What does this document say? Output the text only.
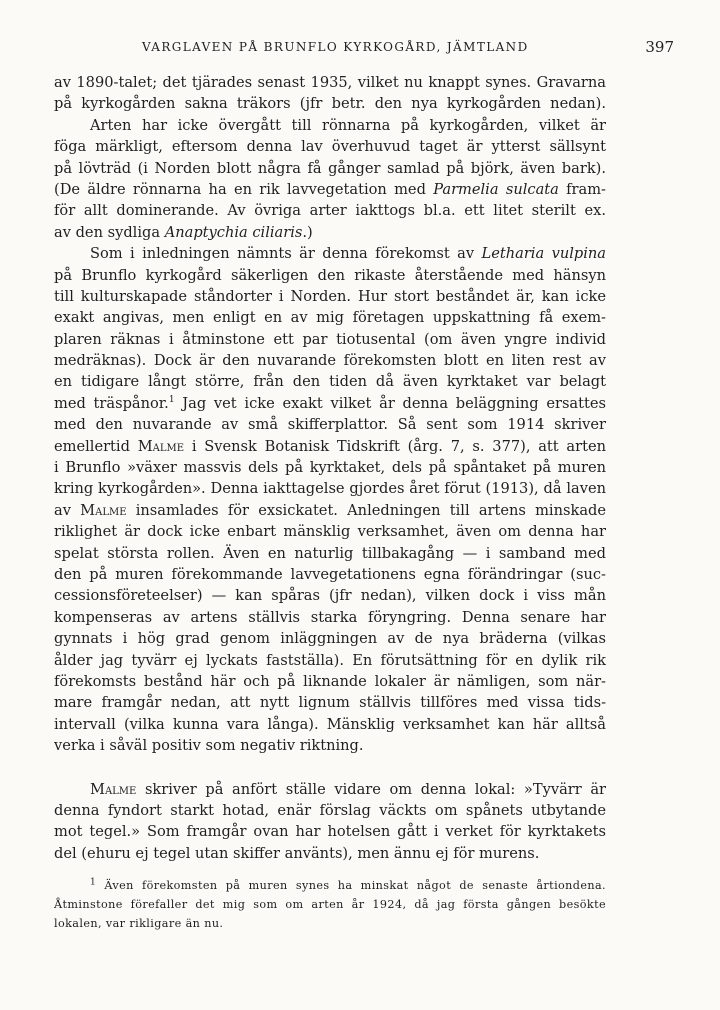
VARGLAVEN PÅ BRUNFLO KYRKOGÅRD, JÄMTLAND	397
av 1890-talet; det tjärades senast 1935, vilket nu knappt synes. Gravarna
på kyrkogården sakna träkors (jfr betr. den nya kyrkogården nedan).
Arten har icke övergått till rönnarna på kyrkogården, vilket är
föga märkligt, eftersom denna lav överhuvud taget är ytterst sällsynt
på lövträd (i Norden blott några få gånger samlad på björk, även bark).
(De äldre rönnarna ha en rik lavvegetation med Parmelia sulcata fram-
för allt dominerande. Av övriga arter iakttogs bl.a. ett litet sterilt ex.
av den sydliga Anaptychia ciliaris.)
Som i inledningen nämnts är denna förekomst av Letharia vulpina
på Brunflo kyrkogård säkerligen den rikaste återstående med hänsyn
till kulturskapade ståndorter i Norden. Hur stort beståndet är, kan icke
exakt angivas, men enligt en av mig företagen uppskattning få exem-
plaren räknas i åtminstone ett par tiotusental (om även yngre individ
medräknas). Dock är den nuvarande förekomsten blott en liten rest av
en tidigare långt större, från den tiden då även kyrktaket var belagt
med träspånor.$^1$ Jag vet icke exakt vilket år denna beläggning ersattes
med den nuvarande av små skifferplattor. Så sent som 1914 skriver
emellertid Malme i Svensk Botanisk Tidskrift (årg. 7, s. 377), att arten
i Brunflo »växer massvis dels på kyrktaket, dels på spåntaket på muren
kring kyrkogården». Denna iakttagelse gjordes året förut (1913), då laven
av Malme insamlades för exsickatet. Anledningen till artens minskade
riklighet är dock icke enbart mänsklig verksamhet, även om denna har
spelat största rollen. Även en naturlig tillbakagång — i samband med
den på muren förekommande lavvegetationens egna förändringar (suc-
cessionsföreteelser) — kan spåras (jfr nedan), vilken dock i viss mån
kompenseras av artens ställvis starka föryngring. Denna senare har
gynnats i hög grad genom inläggningen av de nya bräderna (vilkas
ålder jag tyvärr ej lyckats fastställa). En förutsättning för en dylik rik
förekomsts bestånd här och på liknande lokaler är nämligen, som när-
mare framgår nedan, att nytt lignum ställvis tillföres med vissa tids-
intervall (vilka kunna vara långa). Mänsklig verksamhet kan här alltså
verka i såväl positiv som negativ riktning.
Malme skriver på anfört ställe vidare om denna lokal: »Tyvärr är
denna fyndort starkt hotad, enär förslag väckts om spånets utbytande
mot tegel.» Som framgår ovan har hotelsen gått i verket för kyrktakets
del (ehuru ej tegel utan skiffer använts), men ännu ej för murens.
$^1$ Även förekomsten på muren synes ha minskat något de senaste årtiondena.
Åtminstone förefaller det mig som om arten år 1924, då jag första gången besökte
lokalen, var rikligare än nu.
